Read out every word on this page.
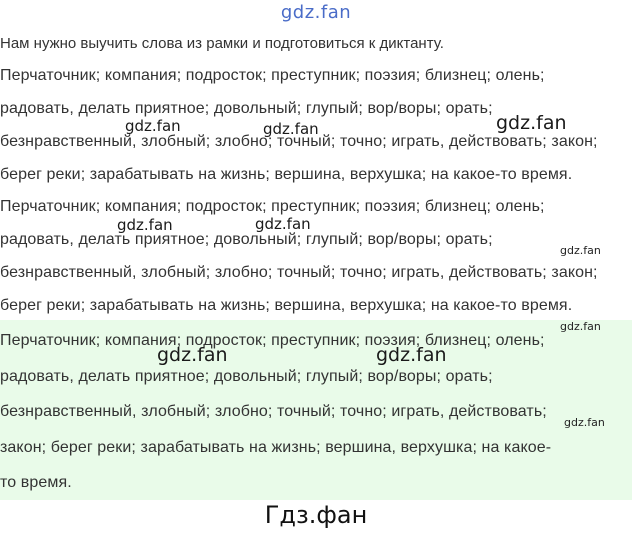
gdz.fan
Нам нужно выучить слова из рамки и подготовиться к диктанту.
Перчаточник; компания; подросток; преступник; поэзия; близнец; олень;
радовать, делать приятное; довольный; глупый; вор/воры; орать;
безнравственный, злобный; злобно; точный; точно; играть, действовать; закон;
берег реки; зарабатывать на жизнь; вершина, верхушка; на какое-то время.
Перчаточник; компания; подросток; преступник; поэзия; близнец; олень;
радовать, делать приятное; довольный; глупый; вор/воры; орать;
безнравственный, злобный; злобно; точный; точно; играть, действовать; закон;
берег реки; зарабатывать на жизнь; вершина, верхушка; на какое-то время.
Перчаточник; компания; подросток; преступник; поэзия; близнец; олень;
радовать, делать приятное; довольный; глупый; вор/воры; орать;
безнравственный, злобный; злобно; точный; точно; играть, действовать;
закон; берег реки; зарабатывать на жизнь; вершина, верхушка; на какое-
то время.
gdz.fan	gdz.fan	gdz.fan
gdz.fan	gdz.fan
gdz.fan
gdz.fan
gdz.fan	gdz.fan
gdz.fan
Гдз.фан
